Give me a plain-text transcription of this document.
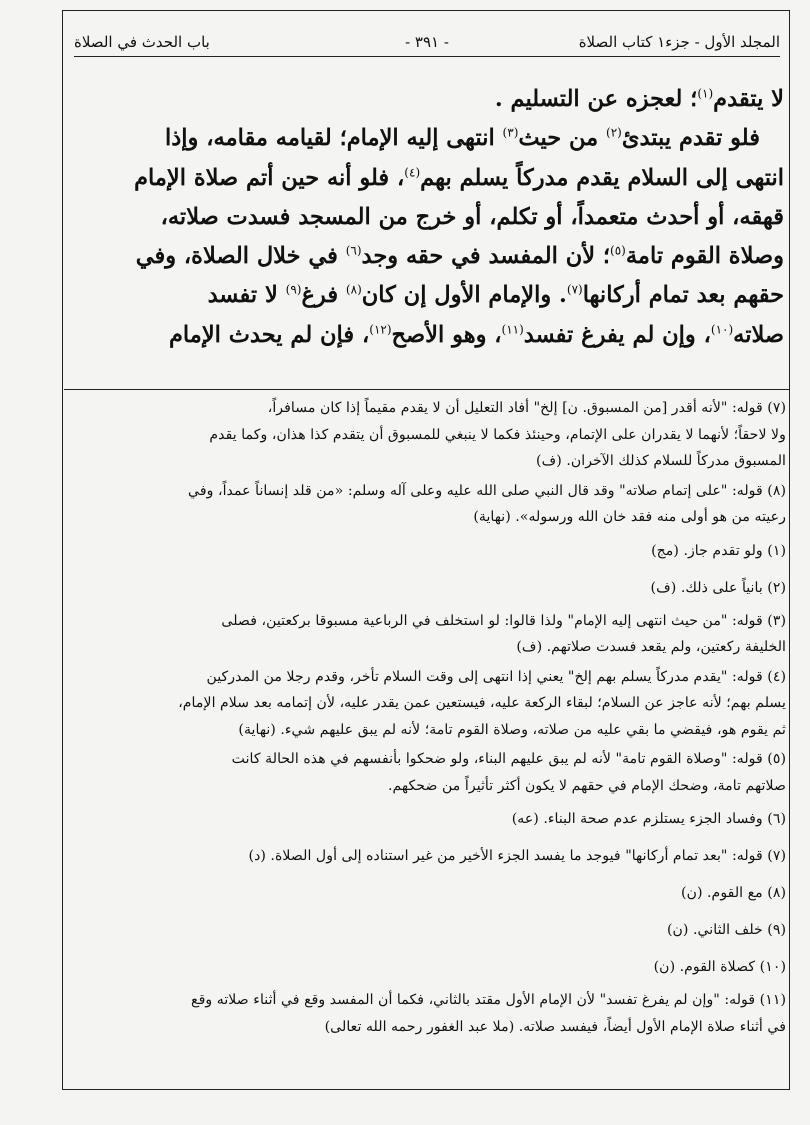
المجلد الأول - جزء١ كتاب الصلاة
- ٣٩١ -
باب الحدث في الصلاة

لا يتقدم$^{(١)}$؛ لعجزه عن التسليم .

فلو تقدم يبتدئ$^{(٢)}$ من حيث$^{(٣)}$ انتهى إليه الإمام؛ لقيامه مقامه، وإذا

انتهى إلى السلام يقدم مدركاً يسلم بهم$^{(٤)}$، فلو أنه حين أتم صلاة الإمام

قهقه، أو أحدث متعمداً، أو تكلم، أو خرج من المسجد فسدت صلاته،

وصلاة القوم تامة$^{(٥)}$؛ لأن المفسد في حقه وجد$^{(٦)}$ في خلال الصلاة، وفي

حقهم بعد تمام أركانها$^{(٧)}$. والإمام الأول إن كان$^{(٨)}$ فرغ$^{(٩)}$ لا تفسد

صلاته$^{(١٠)}$، وإن لم يفرغ تفسد$^{(١١)}$، وهو الأصح$^{(١٢)}$، فإن لم يحدث الإمام

(٧) قوله: "لأنه أقدر [من المسبوق. ن] إلخ" أفاد التعليل أن لا يقدم مقيماً إذا كان مسافراً،
ولا لاحقاً؛ لأنهما لا يقدران على الإتمام، وحينئذ فكما لا ينبغي للمسبوق أن يتقدم كذا هذان، وكما يقدم
المسبوق مدركاً للسلام كذلك الآخران. (ف)

(٨) قوله: "على إتمام صلاته" وقد قال النبي صلى الله عليه وعلى آله وسلم: «من قلد إنساناً عمداً، وفي
رعيته من هو أولى منه فقد خان الله ورسوله». (نهاية)

(١) ولو تقدم جاز. (مج)

(٢) بانياً على ذلك. (ف)

(٣) قوله: "من حيث انتهى إليه الإمام" ولذا قالوا: لو استخلف في الرباعية مسبوقا بركعتين، فصلى
الخليفة ركعتين، ولم يقعد فسدت صلاتهم. (ف)

(٤) قوله: "يقدم مدركاً يسلم بهم إلخ" يعني إذا انتهى إلى وقت السلام تأخر، وقدم رجلا من المدركين
يسلم بهم؛ لأنه عاجز عن السلام؛ لبقاء الركعة عليه، فيستعين عمن يقدر عليه، لأن إتمامه بعد سلام الإمام،
ثم يقوم هو، فيقضي ما بقي عليه من صلاته، وصلاة القوم تامة؛ لأنه لم يبق عليهم شيء. (نهاية)

(٥) قوله: "وصلاة القوم تامة" لأنه لم يبق عليهم البناء، ولو ضحكوا بأنفسهم في هذه الحالة كانت
صلاتهم تامة، وضحك الإمام في حقهم لا يكون أكثر تأثيراً من ضحكهم.

(٦) وفساد الجزء يستلزم عدم صحة البناء. (عه)

(٧) قوله: "بعد تمام أركانها" فيوجد ما يفسد الجزء الأخير من غير استناده إلى أول الصلاة. (د)

(٨) مع القوم. (ن)

(٩) خلف الثاني. (ن)

(١٠) كصلاة القوم. (ن)

(١١) قوله: "وإن لم يفرغ تفسد" لأن الإمام الأول مقتد بالثاني، فكما أن المفسد وقع في أثناء صلاته وقع
في أثناء صلاة الإمام الأول أيضاً، فيفسد صلاته. (ملا عبد الغفور رحمه الله تعالى)
